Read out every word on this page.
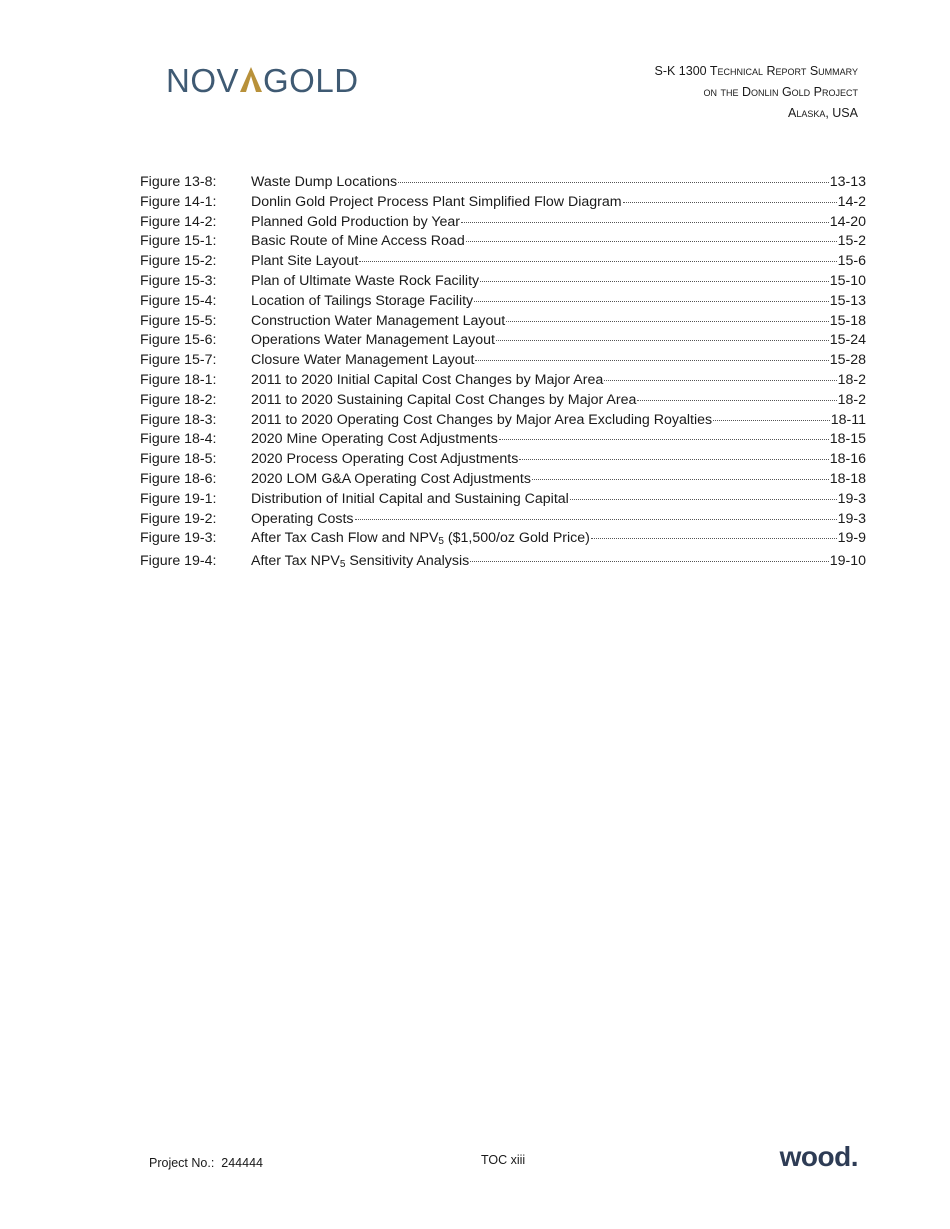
NOV GOLD	S-K 1300 Technical Report Summary
on the Donlin Gold Project
Alaska, USA
Figure 13-8:	Waste Dump Locations	13-13
Figure 14-1:	Donlin Gold Project Process Plant Simplified Flow Diagram	14-2
Figure 14-2:	Planned Gold Production by Year	14-20
Figure 15-1:	Basic Route of Mine Access Road	15-2
Figure 15-2:	Plant Site Layout	15-6
Figure 15-3:	Plan of Ultimate Waste Rock Facility	15-10
Figure 15-4:	Location of Tailings Storage Facility	15-13
Figure 15-5:	Construction Water Management Layout	15-18
Figure 15-6:	Operations Water Management Layout	15-24
Figure 15-7:	Closure Water Management Layout	15-28
Figure 18-1:	2011 to 2020 Initial Capital Cost Changes by Major Area	18-2
Figure 18-2:	2011 to 2020 Sustaining Capital Cost Changes by Major Area	18-2
Figure 18-3:	2011 to 2020 Operating Cost Changes by Major Area Excluding Royalties	18-11
Figure 18-4:	2020 Mine Operating Cost Adjustments	18-15
Figure 18-5:	2020 Process Operating Cost Adjustments	18-16
Figure 18-6:	2020 LOM G&A Operating Cost Adjustments	18-18
Figure 19-1:	Distribution of Initial Capital and Sustaining Capital	19-3
Figure 19-2:	Operating Costs	19-3
Figure 19-3:	After Tax Cash Flow and $NPV_5$ ($1,500/oz Gold Price)	19-9
Figure 19-4:	After Tax $NPV_5$ Sensitivity Analysis	19-10
Project No.: 244444	TOC xiii	wood.
